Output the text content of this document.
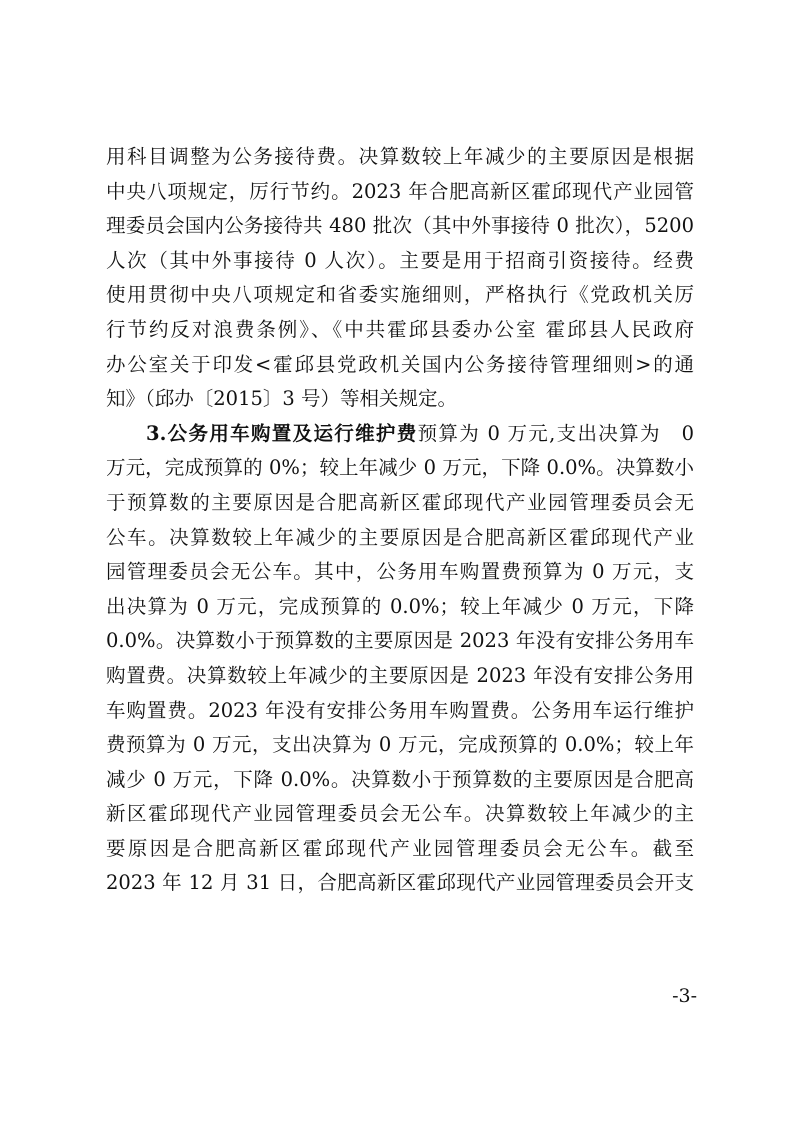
用科目调整为公务接待费。决算数较上年减少的主要原因是根据
中央八项规定，厉行节约。2023 年合肥高新区霍邱现代产业园管
理委员会国内公务接待共 480 批次（其中外事接待 0 批次），5200
人次（其中外事接待 0 人次）。主要是用于招商引资接待。经费
使用贯彻中央八项规定和省委实施细则，严格执行《党政机关厉
行节约反对浪费条例》、《中共霍邱县委办公室 霍邱县人民政府
办公室关于印发<霍邱县党政机关国内公务接待管理细则>的通
知》（邱办〔2015〕3 号）等相关规定。
3.公务用车购置及运行维护费预算为 0 万元,支出决算为　0
万元，完成预算的 0%；较上年减少 0 万元，下降 0.0%。决算数小
于预算数的主要原因是合肥高新区霍邱现代产业园管理委员会无
公车。决算数较上年减少的主要原因是合肥高新区霍邱现代产业
园管理委员会无公车。其中，公务用车购置费预算为 0 万元，支
出决算为 0 万元，完成预算的 0.0%；较上年减少 0 万元，下降
0.0%。决算数小于预算数的主要原因是 2023 年没有安排公务用车
购置费。决算数较上年减少的主要原因是 2023 年没有安排公务用
车购置费。2023 年没有安排公务用车购置费。公务用车运行维护
费预算为 0 万元，支出决算为 0 万元，完成预算的 0.0%；较上年
减少 0 万元，下降 0.0%。决算数小于预算数的主要原因是合肥高
新区霍邱现代产业园管理委员会无公车。决算数较上年减少的主
要原因是合肥高新区霍邱现代产业园管理委员会无公车。截至
2023 年 12 月 31 日，合肥高新区霍邱现代产业园管理委员会开支
-3-
